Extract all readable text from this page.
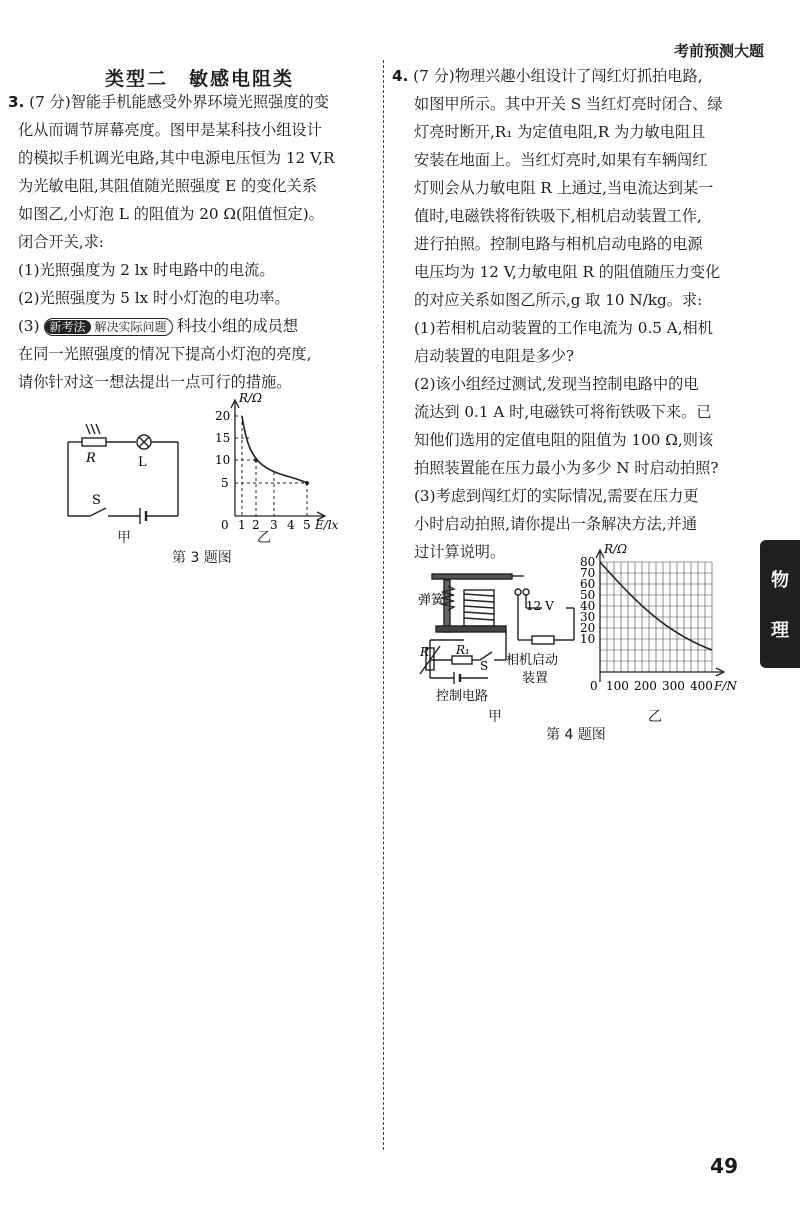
考前预测大题
类型二　敏感电阻类

3. (7 分)智能手机能感受外界环境光照强度的变

化从而调节屏幕亮度。图甲是某科技小组设计

的模拟手机调光电路,其中电源电压恒为 12 V,R

为光敏电阻,其阻值随光照强度 E 的变化关系

如图乙,小灯泡 L 的阻值为 20 Ω(阻值恒定)。

闭合开关,求:

(1)光照强度为 2 lx 时电路中的电流。

(2)光照强度为 5 lx 时小灯泡的电功率。

(3) 新考法 解决实际问题 科技小组的成员想

在同一光照强度的情况下提高小灯泡的亮度,

请你针对这一想法提出一点可行的措施。

R	L
S
甲
R/Ω
20
15
10
5
0 1 2 3 4 5 E/lx
乙
第 3 题图

4. (7 分)物理兴趣小组设计了闯红灯抓拍电路,

如图甲所示。其中开关 S 当红灯亮时闭合、绿

灯亮时断开,R₁ 为定值电阻,R 为力敏电阻且

安装在地面上。当红灯亮时,如果有车辆闯红

灯则会从力敏电阻 R 上通过,当电流达到某一

值时,电磁铁将衔铁吸下,相机启动装置工作,

进行拍照。控制电路与相机启动电路的电源

电压均为 12 V,力敏电阻 R 的阻值随压力变化

的对应关系如图乙所示,g 取 10 N/kg。求:

(1)若相机启动装置的工作电流为 0.5 A,相机

启动装置的电阻是多少?

(2)该小组经过测试,发现当控制电路中的电

流达到 0.1 A 时,电磁铁可将衔铁吸下来。已

知他们选用的定值电阻的阻值为 100 Ω,则该

拍照装置能在压力最小为多少 N 时启动拍照?

(3)考虑到闯红灯的实际情况,需要在压力更

小时启动拍照,请你提出一条解决方法,并通

过计算说明。

弹簧	12 V
R R₁
S 相机启动
装置
控制电路
甲
R/Ω
80
70
60
50
40
30
20
10
0 100 200 300 400 F/N
乙
第 4 题图
物
理
49
